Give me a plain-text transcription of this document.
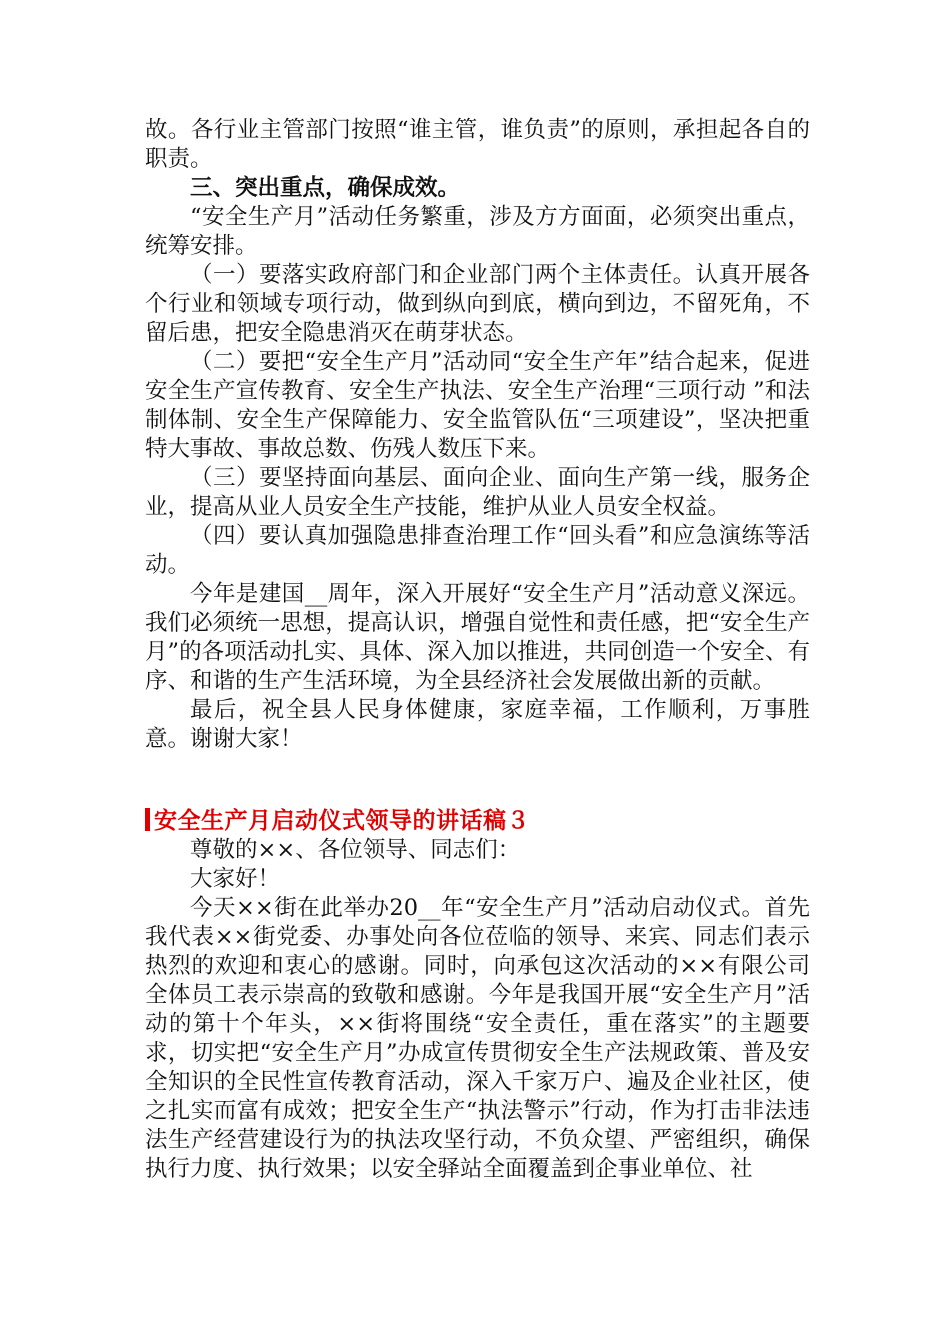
故。各行业主管部门按照“谁主管，谁负责”的原则，承担起各自的职责。

三、突出重点，确保成效。

“安全生产月”活动任务繁重，涉及方方面面，必须突出重点，统筹安排。

（一）要落实政府部门和企业部门两个主体责任。认真开展各个行业和领域专项行动，做到纵向到底，横向到边，不留死角，不留后患，把安全隐患消灭在萌芽状态。

（二）要把“安全生产月”活动同“安全生产年”结合起来，促进安全生产宣传教育、安全生产执法、安全生产治理“三项行动 ”和法制体制、安全生产保障能力、安全监管队伍“三项建设”，坚决把重特大事故、事故总数、伤残人数压下来。

（三）要坚持面向基层、面向企业、面向生产第一线，服务企业，提高从业人员安全生产技能，维护从业人员安全权益。

（四）要认真加强隐患排查治理工作“回头看”和应急演练等活动。

今年是建国__周年，深入开展好“安全生产月”活动意义深远。我们必须统一思想，提高认识，增强自觉性和责任感，把“安全生产月”的各项活动扎实、具体、深入加以推进，共同创造一个安全、有序、和谐的生产生活环境，为全县经济社会发展做出新的贡献。

最后，祝全县人民身体健康，家庭幸福，工作顺利，万事胜意。谢谢大家！

安全生产月启动仪式领导的讲话稿３

尊敬的××、各位领导、同志们：

大家好！

今天××街在此举办20__年“安全生产月”活动启动仪式。首先我代表××街党委、办事处向各位莅临的领导、来宾、同志们表示热烈的欢迎和衷心的感谢。同时，向承包这次活动的××有限公司全体员工表示崇高的致敬和感谢。今年是我国开展“安全生产月”活动的第十个年头，××街将围绕“安全责任，重在落实”的主题要求，切实把“安全生产月”办成宣传贯彻安全生产法规政策、普及安全知识的全民性宣传教育活动，深入千家万户、遍及企业社区，使之扎实而富有成效；把安全生产“执法警示”行动，作为打击非法违法生产经营建设行为的执法攻坚行动，不负众望、严密组织，确保执行力度、执行效果；以安全驿站全面覆盖到企事业单位、社
